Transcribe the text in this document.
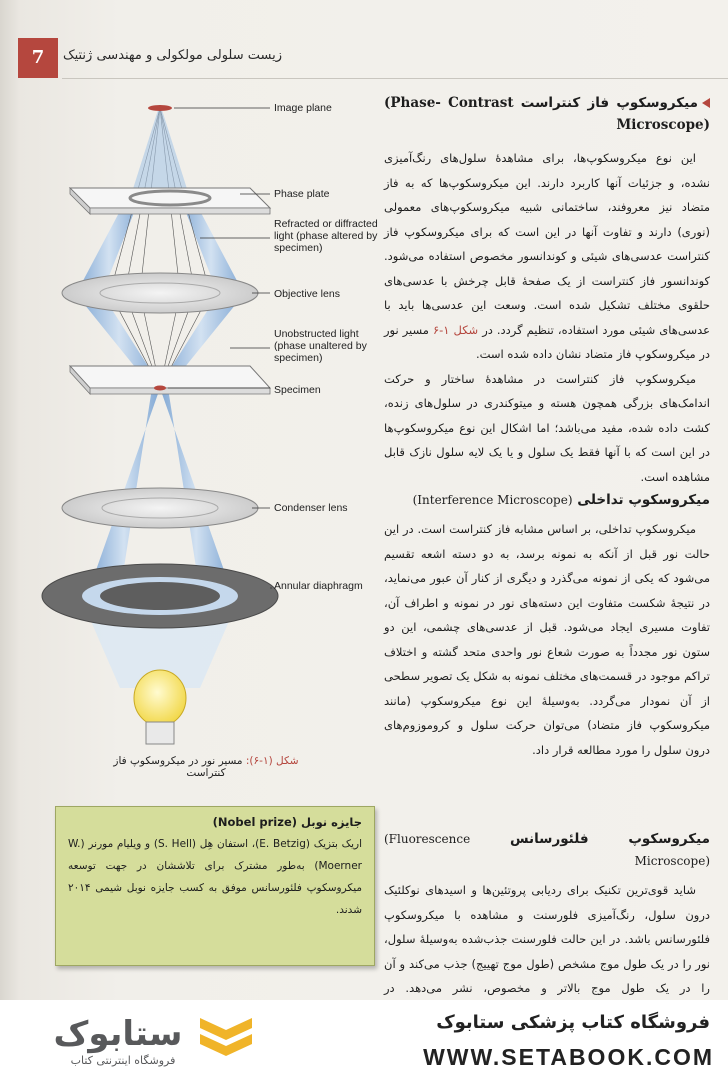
7	زیست سلولی مولکولی و مهندسی ژنتیک
Image plane
Phase plate
Refracted or diffracted light (phase altered by specimen)
Objective lens
Unobstructed light (phase unaltered by specimen)
Specimen
Condenser lens
Annular diaphragm
شکل (۱-۶): مسیر نور در میکروسکوپ فاز کنتراست
جایزه نوبل (Nobel prize)
اریک بتزیک (E. Betzig)، استفان هِل (S. Hell) و ویلیام مورنر (W. Moerner) به‌طور مشترک برای تلاششان در جهت توسعه میکروسکوپ فلئورسانس موفق به کسب جایزه نوبل شیمی ۲۰۱۴ شدند.
میکروسکوپ فاز کنتراست (Phase- Contrast Microscope)

این نوع میکروسکوپ‌ها، برای مشاهدهٔ سلول‌های رنگ‌آمیزی نشده، و جزئیات آنها کاربرد دارند. این میکروسکوپ‌ها که به فاز متضاد نیز معروفند، ساختمانی شبیه میکروسکوپ‌های معمولی (نوری) دارند و تفاوت آنها در این است که برای میکروسکوپ فاز کنتراست عدسی‌های شیئی و کوندانسور مخصوص استفاده می‌شود. کوندانسور فاز کنتراست از یک صفحهٔ قابل چرخش با عدسی‌های حلقوی مختلف تشکیل شده است. وسعت این عدسی‌ها باید با عدسی‌های شیئی مورد استفاده، تنظیم گردد. در شکل ۱-۶ مسیر نور در میکروسکوپ فاز متضاد نشان داده شده است.

میکروسکوپ فاز کنتراست در مشاهدهٔ ساختار و حرکت اندامک‌های بزرگی همچون هسته و میتوکندری در سلول‌های زنده، کشت داده شده، مفید می‌باشد؛ اما اشکال این نوع میکروسکوپ‌ها در این است که با آنها فقط یک سلول و یا یک لایه سلول نازک قابل مشاهده است.

میکروسکوپ تداخلی (Interference Microscope)

میکروسکوپ تداخلی، بر اساس مشابه فاز کنتراست است. در این حالت نور قبل از آنکه به نمونه برسد، به دو دسته اشعه تقسیم می‌شود که یکی از نمونه می‌گذرد و دیگری از کنار آن عبور می‌نماید، در نتیجهٔ شکست متفاوت این دسته‌های نور در نمونه و اطراف آن، تفاوت مسیری ایجاد می‌شود. قبل از عدسی‌های چشمی، این دو ستون نور مجدداً به صورت شعاع نور واحدی متحد گشته و اختلاف تراکم موجود در قسمت‌های مختلف نمونه به شکل یک تصویر سطحی از آن نمودار می‌گردد. به‌وسیلهٔ این نوع میکروسکوپ (مانند میکروسکوپ فاز متضاد) می‌توان حرکت سلول و کروموزوم‌های درون سلول را مورد مطالعه قرار داد.

میکروسکوپ فلئورسانس (Fluorescence Microscope)

شاید قوی‌ترین تکنیک برای ردیابی پروتئین‌ها و اسیدهای نوکلئیک درون سلول، رنگ‌آمیزی فلورسنت و مشاهده با میکروسکوپ فلئورسانس باشد. در این حالت فلورسنت جذب‌شده به‌وسیلهٔ سلول، نور را در یک طول موج مشخص (طول موج تهییج) جذب می‌کند و آن را در یک طول موج بالاتر و مخصوص، نشر می‌دهد. در

ستابوک
فروشگاه اینترنتی کتاب
فروشگاه کتاب پزشکی ستابوک
WWW.SETABOOK.COM
